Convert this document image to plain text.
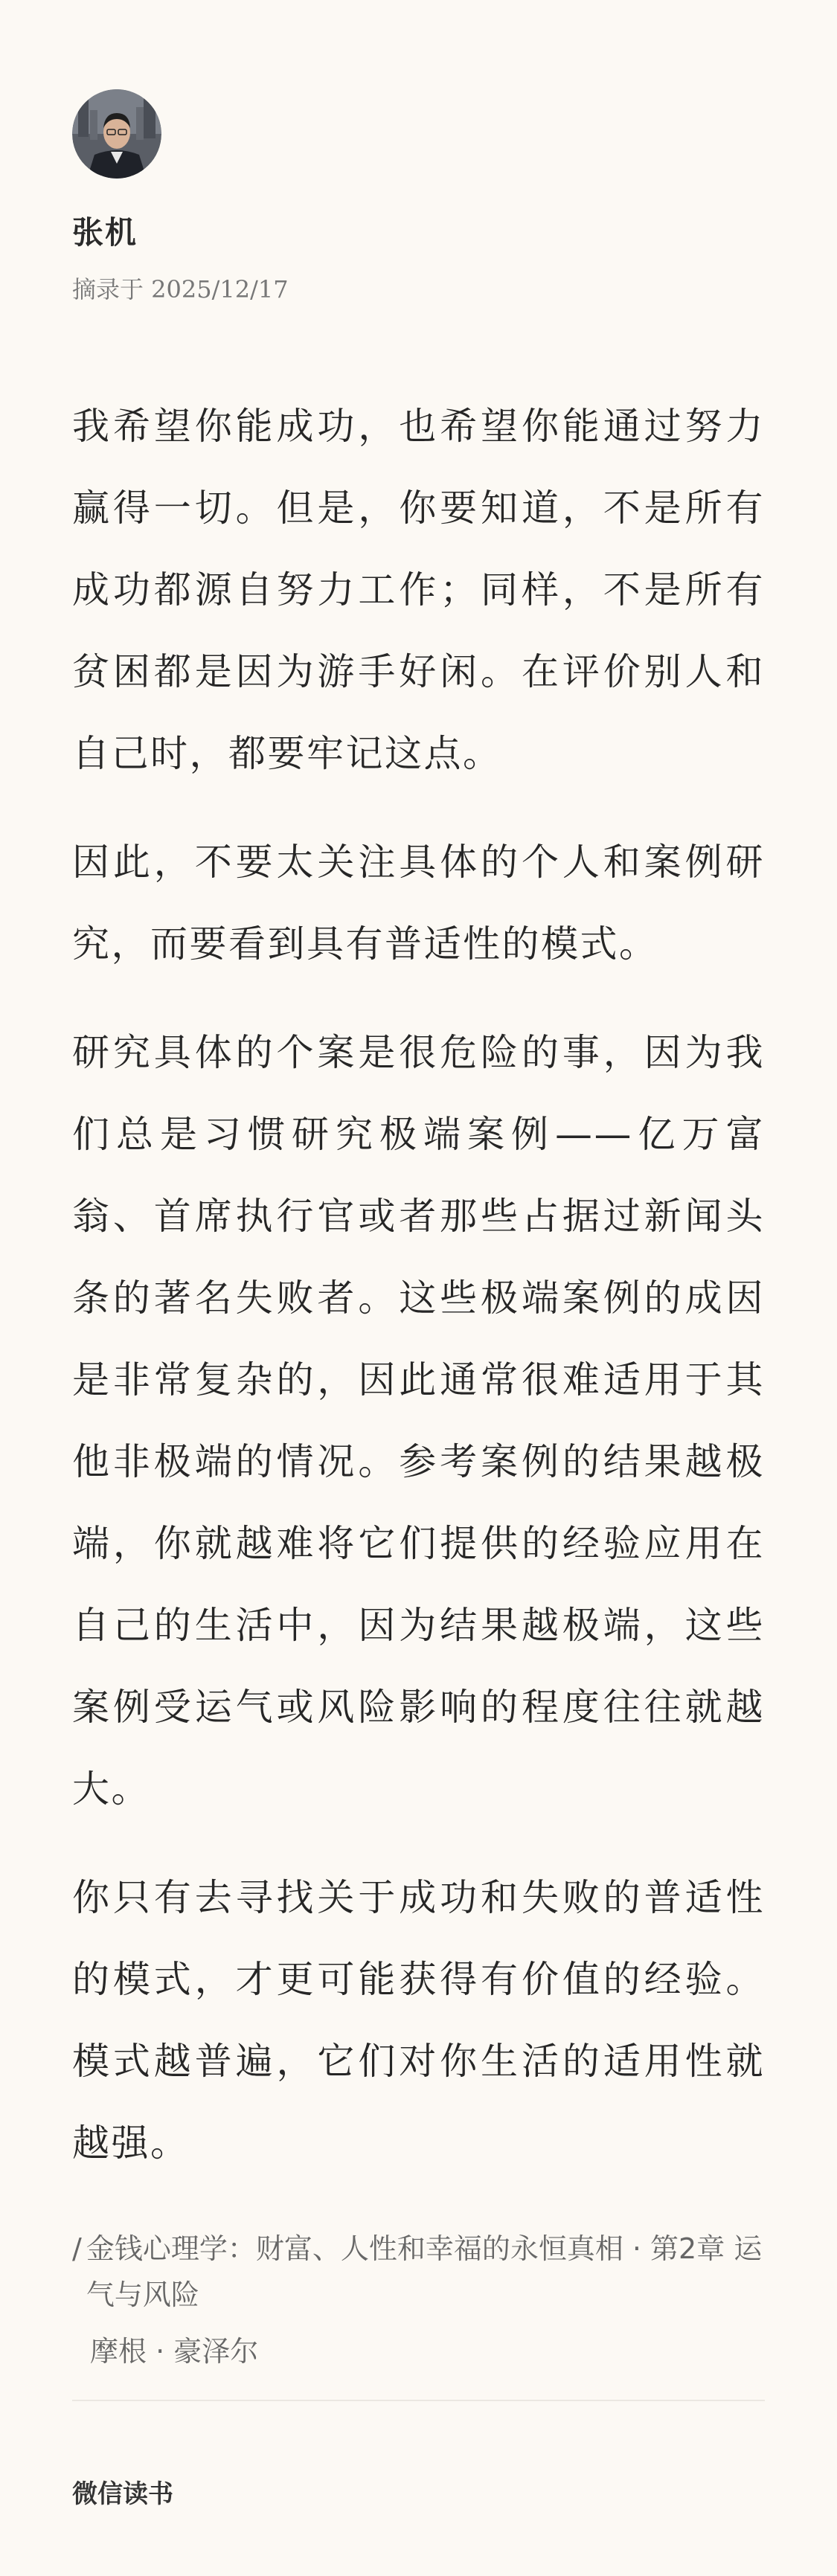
张机
摘录于 2025/12/17

我希望你能成功，也希望你能通过努力赢得一切。但是，你要知道，不是所有成功都源自努力工作；同样，不是所有贫困都是因为游手好闲。在评价别人和自己时，都要牢记这点。

因此，不要太关注具体的个人和案例研究，而要看到具有普适性的模式。

研究具体的个案是很危险的事，因为我们总是习惯研究极端案例——亿万富翁、首席执行官或者那些占据过新闻头条的著名失败者。这些极端案例的成因是非常复杂的，因此通常很难适用于其他非极端的情况。参考案例的结果越极端，你就越难将它们提供的经验应用在自己的生活中，因为结果越极端，这些案例受运气或风险影响的程度往往就越大。

你只有去寻找关于成功和失败的普适性的模式，才更可能获得有价值的经验。模式越普遍，它们对你生活的适用性就越强。

/ 金钱心理学：财富、人性和幸福的永恒真相 · 第2章 运气与风险
摩根 · 豪泽尔
微信读书
